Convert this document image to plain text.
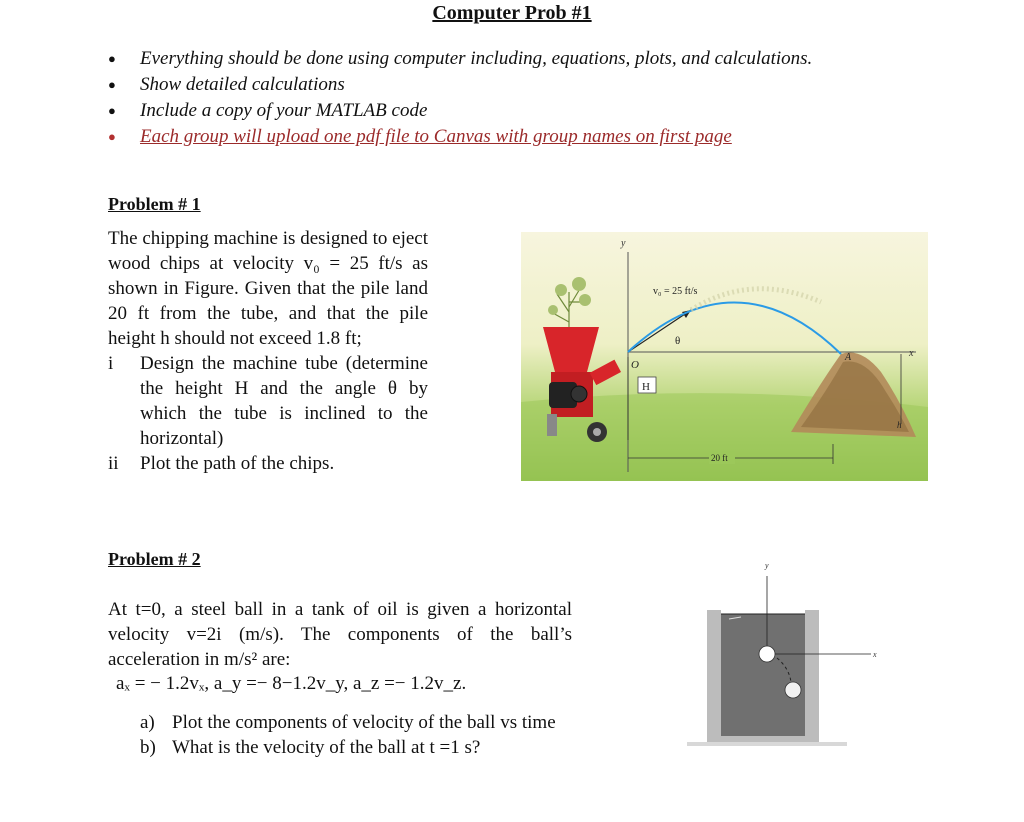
Computer Prob #1
● Everything should be done using computer including, equations, plots, and calculations.
● Show detailed calculations
● Include a copy of your MATLAB code
● Each group will upload one pdf file to Canvas with group names on first page
Problem # 1

The chipping machine is designed to eject wood chips at velocity v₀ = 25 ft/s as shown in Figure. Given that the pile land 20 ft from the tube, and that the pile height h should not exceed 1.8 ft;

i Design the machine tube (determine the height H and the angle θ by which the tube is inclined to the horizontal)
ii Plot the path of the chips.
y
x
O
v₀ = 25 ft/s
θ
H
A
h
20 ft
Problem # 2
At t=0, a steel ball in a tank of oil is given a horizontal velocity v=2i (m/s). The components of the ball’s acceleration in m/s² are:
aₓ = − 1.2vₓ, a_y =− 8−1.2v_y, a_z =− 1.2v_z.
a) Plot the components of velocity of the ball vs time
b) What is the velocity of the ball at t =1 s?
y
x
